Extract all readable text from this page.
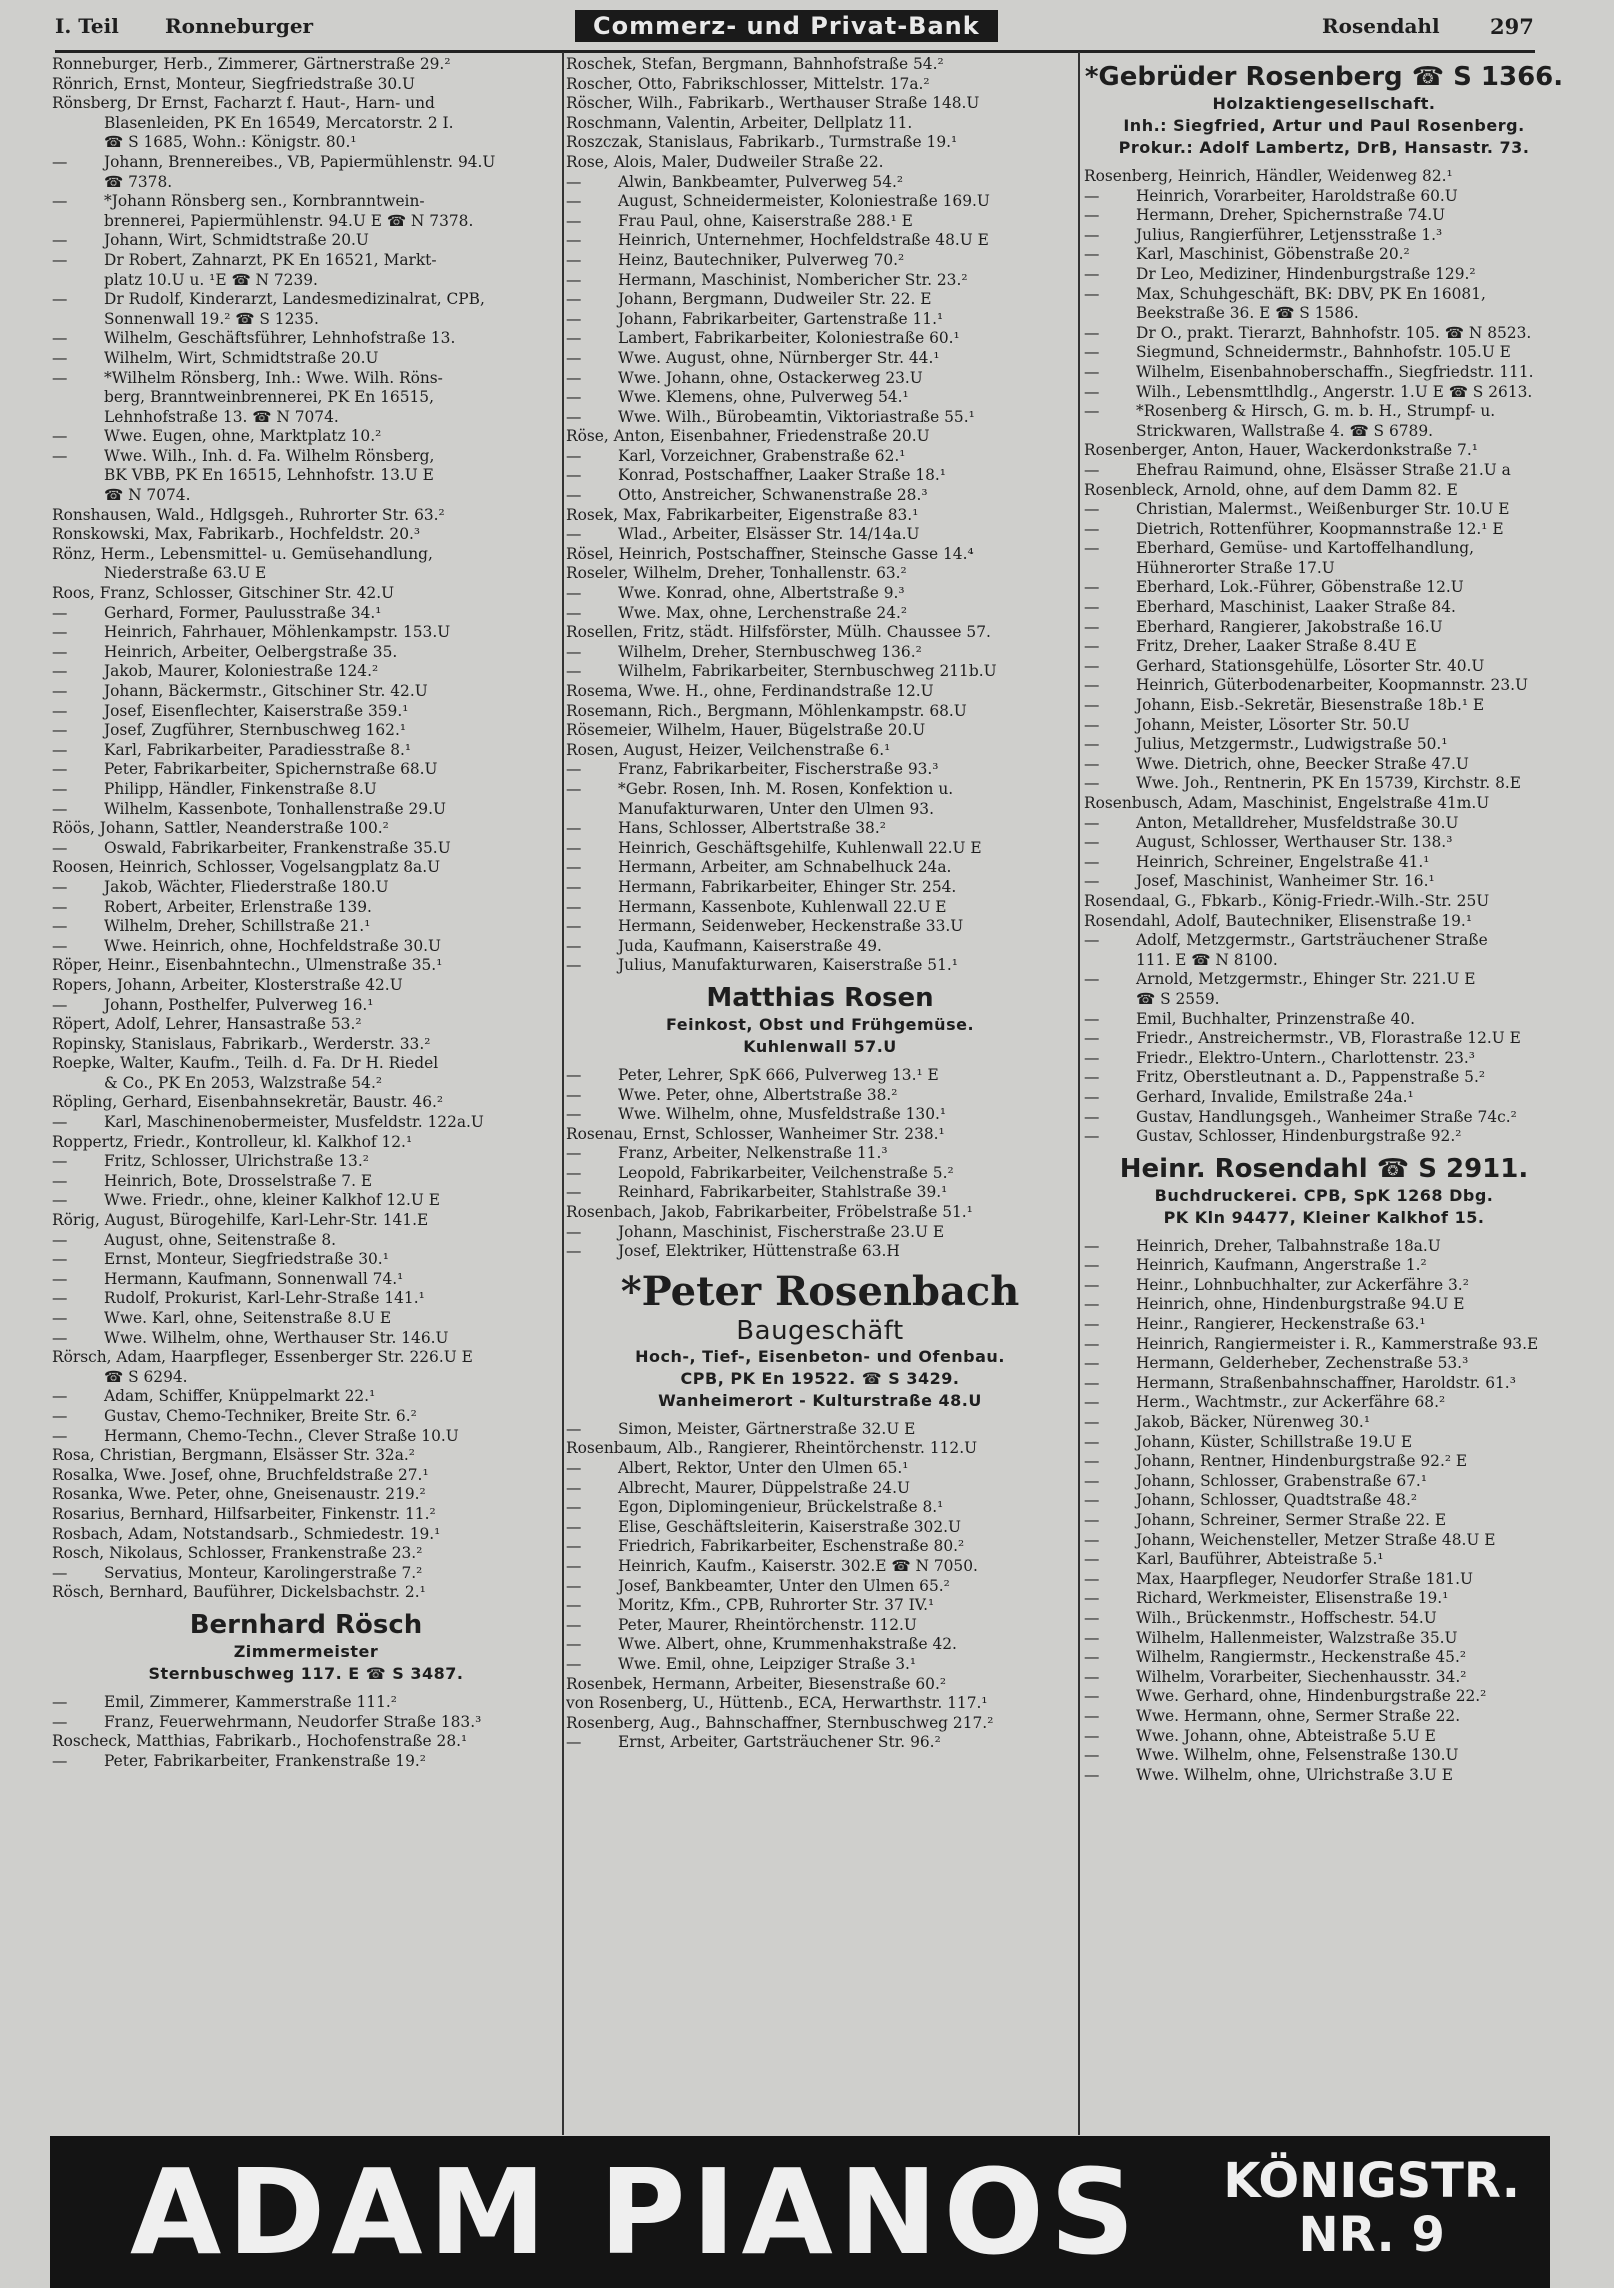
I. Teil Ronneburger	Commerz- und Privat-Bank	Rosendahl 297
Ronneburger, Herb., Zimmerer, Gärtnerstraße 29.²
Rönrich, Ernst, Monteur, Siegfriedstraße 30.U
Rönsberg, Dr Ernst, Facharzt f. Haut-, Harn- und
Blasenleiden, PK En 16549, Mercatorstr. 2 I.
☎ S 1685, Wohn.: Königstr. 80.¹
— Johann, Brennereibes., VB, Papiermühlenstr. 94.U
☎ 7378.
— *Johann Rönsberg sen., Kornbranntwein-
brennerei, Papiermühlenstr. 94.U E ☎ N 7378.
— Johann, Wirt, Schmidtstraße 20.U
— Dr Robert, Zahnarzt, PK En 16521, Markt-
platz 10.U u. ¹E ☎ N 7239.
— Dr Rudolf, Kinderarzt, Landesmedizinalrat, CPB,
Sonnenwall 19.² ☎ S 1235.
— Wilhelm, Geschäftsführer, Lehnhofstraße 13.
— Wilhelm, Wirt, Schmidtstraße 20.U
— *Wilhelm Rönsberg, Inh.: Wwe. Wilh. Röns-
berg, Branntweinbrennerei, PK En 16515,
Lehnhofstraße 13. ☎ N 7074.
— Wwe. Eugen, ohne, Marktplatz 10.²
— Wwe. Wilh., Inh. d. Fa. Wilhelm Rönsberg,
BK VBB, PK En 16515, Lehnhofstr. 13.U E
☎ N 7074.
Ronshausen, Wald., Hdlgsgeh., Ruhrorter Str. 63.²
Ronskowski, Max, Fabrikarb., Hochfeldstr. 20.³
Rönz, Herm., Lebensmittel- u. Gemüsehandlung,
Niederstraße 63.U E
Roos, Franz, Schlosser, Gitschiner Str. 42.U
— Gerhard, Former, Paulusstraße 34.¹
— Heinrich, Fahrhauer, Möhlenkampstr. 153.U
— Heinrich, Arbeiter, Oelbergstraße 35.
— Jakob, Maurer, Koloniestraße 124.²
— Johann, Bäckermstr., Gitschiner Str. 42.U
— Josef, Eisenflechter, Kaiserstraße 359.¹
— Josef, Zugführer, Sternbuschweg 162.¹
— Karl, Fabrikarbeiter, Paradiesstraße 8.¹
— Peter, Fabrikarbeiter, Spichernstraße 68.U
— Philipp, Händler, Finkenstraße 8.U
— Wilhelm, Kassenbote, Tonhallenstraße 29.U
Röös, Johann, Sattler, Neanderstraße 100.²
— Oswald, Fabrikarbeiter, Frankenstraße 35.U
Roosen, Heinrich, Schlosser, Vogelsangplatz 8a.U
— Jakob, Wächter, Fliederstraße 180.U
— Robert, Arbeiter, Erlenstraße 139.
— Wilhelm, Dreher, Schillstraße 21.¹
— Wwe. Heinrich, ohne, Hochfeldstraße 30.U
Röper, Heinr., Eisenbahntechn., Ulmenstraße 35.¹
Ropers, Johann, Arbeiter, Klosterstraße 42.U
— Johann, Posthelfer, Pulverweg 16.¹
Röpert, Adolf, Lehrer, Hansastraße 53.²
Ropinsky, Stanislaus, Fabrikarb., Werderstr. 33.²
Roepke, Walter, Kaufm., Teilh. d. Fa. Dr H. Riedel
& Co., PK En 2053, Walzstraße 54.²
Röpling, Gerhard, Eisenbahnsekretär, Baustr. 46.²
— Karl, Maschinenobermeister, Musfeldstr. 122a.U
Roppertz, Friedr., Kontrolleur, kl. Kalkhof 12.¹
— Fritz, Schlosser, Ulrichstraße 13.²
— Heinrich, Bote, Drosselstraße 7. E
— Wwe. Friedr., ohne, kleiner Kalkhof 12.U E
Rörig, August, Bürogehilfe, Karl-Lehr-Str. 141.E
— August, ohne, Seitenstraße 8.
— Ernst, Monteur, Siegfriedstraße 30.¹
— Hermann, Kaufmann, Sonnenwall 74.¹
— Rudolf, Prokurist, Karl-Lehr-Straße 141.¹
— Wwe. Karl, ohne, Seitenstraße 8.U E
— Wwe. Wilhelm, ohne, Werthauser Str. 146.U
Rörsch, Adam, Haarpfleger, Essenberger Str. 226.U E
☎ S 6294.
— Adam, Schiffer, Knüppelmarkt 22.¹
— Gustav, Chemo-Techniker, Breite Str. 6.²
— Hermann, Chemo-Techn., Clever Straße 10.U
Rosa, Christian, Bergmann, Elsässer Str. 32a.²
Rosalka, Wwe. Josef, ohne, Bruchfeldstraße 27.¹
Rosanka, Wwe. Peter, ohne, Gneisenaustr. 219.²
Rosarius, Bernhard, Hilfsarbeiter, Finkenstr. 11.²
Rosbach, Adam, Notstandsarb., Schmiedestr. 19.¹
Rosch, Nikolaus, Schlosser, Frankenstraße 23.²
— Servatius, Monteur, Karolingerstraße 7.²
Rösch, Bernhard, Bauführer, Dickelsbachstr. 2.¹
Bernhard Rösch
Zimmermeister
Sternbuschweg 117. E ☎ S 3487.
— Emil, Zimmerer, Kammerstraße 111.²
— Franz, Feuerwehrmann, Neudorfer Straße 183.³
Roscheck, Matthias, Fabrikarb., Hochofenstraße 28.¹
— Peter, Fabrikarbeiter, Frankenstraße 19.²
Roschek, Stefan, Bergmann, Bahnhofstraße 54.²
Roscher, Otto, Fabrikschlosser, Mittelstr. 17a.²
Röscher, Wilh., Fabrikarb., Werthauser Straße 148.U
Roschmann, Valentin, Arbeiter, Dellplatz 11.
Roszczak, Stanislaus, Fabrikarb., Turmstraße 19.¹
Rose, Alois, Maler, Dudweiler Straße 22.
— Alwin, Bankbeamter, Pulverweg 54.²
— August, Schneidermeister, Koloniestraße 169.U
— Frau Paul, ohne, Kaiserstraße 288.¹ E
— Heinrich, Unternehmer, Hochfeldstraße 48.U E
— Heinz, Bautechniker, Pulverweg 70.²
— Hermann, Maschinist, Nombericher Str. 23.²
— Johann, Bergmann, Dudweiler Str. 22. E
— Johann, Fabrikarbeiter, Gartenstraße 11.¹
— Lambert, Fabrikarbeiter, Koloniestraße 60.¹
— Wwe. August, ohne, Nürnberger Str. 44.¹
— Wwe. Johann, ohne, Ostackerweg 23.U
— Wwe. Klemens, ohne, Pulverweg 54.¹
— Wwe. Wilh., Bürobeamtin, Viktoriastraße 55.¹
Röse, Anton, Eisenbahner, Friedenstraße 20.U
— Karl, Vorzeichner, Grabenstraße 62.¹
— Konrad, Postschaffner, Laaker Straße 18.¹
— Otto, Anstreicher, Schwanenstraße 28.³
Rosek, Max, Fabrikarbeiter, Eigenstraße 83.¹
— Wlad., Arbeiter, Elsässer Str. 14/14a.U
Rösel, Heinrich, Postschaffner, Steinsche Gasse 14.⁴
Roseler, Wilhelm, Dreher, Tonhallenstr. 63.²
— Wwe. Konrad, ohne, Albertstraße 9.³
— Wwe. Max, ohne, Lerchenstraße 24.²
Rosellen, Fritz, städt. Hilfsförster, Mülh. Chaussee 57.
— Wilhelm, Dreher, Sternbuschweg 136.²
— Wilhelm, Fabrikarbeiter, Sternbuschweg 211b.U
Rosema, Wwe. H., ohne, Ferdinandstraße 12.U
Rosemann, Rich., Bergmann, Möhlenkampstr. 68.U
Rösemeier, Wilhelm, Hauer, Bügelstraße 20.U
Rosen, August, Heizer, Veilchenstraße 6.¹
— Franz, Fabrikarbeiter, Fischerstraße 93.³
— *Gebr. Rosen, Inh. M. Rosen, Konfektion u.
Manufakturwaren, Unter den Ulmen 93.
— Hans, Schlosser, Albertstraße 38.²
— Heinrich, Geschäftsgehilfe, Kuhlenwall 22.U E
— Hermann, Arbeiter, am Schnabelhuck 24a.
— Hermann, Fabrikarbeiter, Ehinger Str. 254.
— Hermann, Kassenbote, Kuhlenwall 22.U E
— Hermann, Seidenweber, Heckenstraße 33.U
— Juda, Kaufmann, Kaiserstraße 49.
— Julius, Manufakturwaren, Kaiserstraße 51.¹
Matthias Rosen
Feinkost, Obst und Frühgemüse.
Kuhlenwall 57.U
— Peter, Lehrer, SpK 666, Pulverweg 13.¹ E
— Wwe. Peter, ohne, Albertstraße 38.²
— Wwe. Wilhelm, ohne, Musfeldstraße 130.¹
Rosenau, Ernst, Schlosser, Wanheimer Str. 238.¹
— Franz, Arbeiter, Nelkenstraße 11.³
— Leopold, Fabrikarbeiter, Veilchenstraße 5.²
— Reinhard, Fabrikarbeiter, Stahlstraße 39.¹
Rosenbach, Jakob, Fabrikarbeiter, Fröbelstraße 51.¹
— Johann, Maschinist, Fischerstraße 23.U E
— Josef, Elektriker, Hüttenstraße 63.H
*Peter Rosenbach
Baugeschäft
Hoch-, Tief-, Eisenbeton- und Ofenbau.
CPB, PK En 19522. ☎ S 3429.
Wanheimerort - Kulturstraße 48.U
— Simon, Meister, Gärtnerstraße 32.U E
Rosenbaum, Alb., Rangierer, Rheintörchenstr. 112.U
— Albert, Rektor, Unter den Ulmen 65.¹
— Albrecht, Maurer, Düppelstraße 24.U
— Egon, Diplomingenieur, Brückelstraße 8.¹
— Elise, Geschäftsleiterin, Kaiserstraße 302.U
— Friedrich, Fabrikarbeiter, Eschenstraße 80.²
— Heinrich, Kaufm., Kaiserstr. 302.E ☎ N 7050.
— Josef, Bankbeamter, Unter den Ulmen 65.²
— Moritz, Kfm., CPB, Ruhrorter Str. 37 IV.¹
— Peter, Maurer, Rheintörchenstr. 112.U
— Wwe. Albert, ohne, Krummenhakstraße 42.
— Wwe. Emil, ohne, Leipziger Straße 3.¹
Rosenbek, Hermann, Arbeiter, Biesenstraße 60.²
von Rosenberg, U., Hüttenb., ECA, Herwarthstr. 117.¹
Rosenberg, Aug., Bahnschaffner, Sternbuschweg 217.²
— Ernst, Arbeiter, Gartsträuchener Str. 96.²
*Gebrüder Rosenberg ☎ S 1366.
Holzaktiengesellschaft.
Inh.: Siegfried, Artur und Paul Rosenberg.
Prokur.: Adolf Lambertz, DrB, Hansastr. 73.
Rosenberg, Heinrich, Händler, Weidenweg 82.¹
— Heinrich, Vorarbeiter, Haroldstraße 60.U
— Hermann, Dreher, Spichernstraße 74.U
— Julius, Rangierführer, Letjensstraße 1.³
— Karl, Maschinist, Göbenstraße 20.²
— Dr Leo, Mediziner, Hindenburgstraße 129.²
— Max, Schuhgeschäft, BK: DBV, PK En 16081,
Beekstraße 36. E ☎ S 1586.
— Dr O., prakt. Tierarzt, Bahnhofstr. 105. ☎ N 8523.
— Siegmund, Schneidermstr., Bahnhofstr. 105.U E
— Wilhelm, Eisenbahnoberschaffn., Siegfriedstr. 111.
— Wilh., Lebensmttlhdlg., Angerstr. 1.U E ☎ S 2613.
— *Rosenberg & Hirsch, G. m. b. H., Strumpf- u.
Strickwaren, Wallstraße 4. ☎ S 6789.
Rosenberger, Anton, Hauer, Wackerdonkstraße 7.¹
— Ehefrau Raimund, ohne, Elsässer Straße 21.U a
Rosenbleck, Arnold, ohne, auf dem Damm 82. E
— Christian, Malermst., Weißenburger Str. 10.U E
— Dietrich, Rottenführer, Koopmannstraße 12.¹ E
— Eberhard, Gemüse- und Kartoffelhandlung,
Hühnerorter Straße 17.U
— Eberhard, Lok.-Führer, Göbenstraße 12.U
— Eberhard, Maschinist, Laaker Straße 84.
— Eberhard, Rangierer, Jakobstraße 16.U
— Fritz, Dreher, Laaker Straße 8.4U E
— Gerhard, Stationsgehülfe, Lösorter Str. 40.U
— Heinrich, Güterbodenarbeiter, Koopmannstr. 23.U
— Johann, Eisb.-Sekretär, Biesenstraße 18b.¹ E
— Johann, Meister, Lösorter Str. 50.U
— Julius, Metzgermstr., Ludwigstraße 50.¹
— Wwe. Dietrich, ohne, Beecker Straße 47.U
— Wwe. Joh., Rentnerin, PK En 15739, Kirchstr. 8.E
Rosenbusch, Adam, Maschinist, Engelstraße 41m.U
— Anton, Metalldreher, Musfeldstraße 30.U
— August, Schlosser, Werthauser Str. 138.³
— Heinrich, Schreiner, Engelstraße 41.¹
— Josef, Maschinist, Wanheimer Str. 16.¹
Rosendaal, G., Fbkarb., König-Friedr.-Wilh.-Str. 25U
Rosendahl, Adolf, Bautechniker, Elisenstraße 19.¹
— Adolf, Metzgermstr., Gartsträuchener Straße
111. E ☎ N 8100.
— Arnold, Metzgermstr., Ehinger Str. 221.U E
☎ S 2559.
— Emil, Buchhalter, Prinzenstraße 40.
— Friedr., Anstreichermstr., VB, Florastraße 12.U E
— Friedr., Elektro-Untern., Charlottenstr. 23.³
— Fritz, Oberstleutnant a. D., Pappenstraße 5.²
— Gerhard, Invalide, Emilstraße 24a.¹
— Gustav, Handlungsgeh., Wanheimer Straße 74c.²
— Gustav, Schlosser, Hindenburgstraße 92.²
Heinr. Rosendahl ☎ S 2911.
Buchdruckerei. CPB, SpK 1268 Dbg.
PK Kln 94477, Kleiner Kalkhof 15.
— Heinrich, Dreher, Talbahnstraße 18a.U
— Heinrich, Kaufmann, Angerstraße 1.²
— Heinr., Lohnbuchhalter, zur Ackerfähre 3.²
— Heinrich, ohne, Hindenburgstraße 94.U E
— Heinr., Rangierer, Heckenstraße 63.¹
— Heinrich, Rangiermeister i. R., Kammerstraße 93.E
— Hermann, Gelderheber, Zechenstraße 53.³
— Hermann, Straßenbahnschaffner, Haroldstr. 61.³
— Herm., Wachtmstr., zur Ackerfähre 68.²
— Jakob, Bäcker, Nürenweg 30.¹
— Johann, Küster, Schillstraße 19.U E
— Johann, Rentner, Hindenburgstraße 92.² E
— Johann, Schlosser, Grabenstraße 67.¹
— Johann, Schlosser, Quadtstraße 48.²
— Johann, Schreiner, Sermer Straße 22. E
— Johann, Weichensteller, Metzer Straße 48.U E
— Karl, Bauführer, Abteistraße 5.¹
— Max, Haarpfleger, Neudorfer Straße 181.U
— Richard, Werkmeister, Elisenstraße 19.¹
— Wilh., Brückenmstr., Hoffschestr. 54.U
— Wilhelm, Hallenmeister, Walzstraße 35.U
— Wilhelm, Rangiermstr., Heckenstraße 45.²
— Wilhelm, Vorarbeiter, Siechenhausstr. 34.²
— Wwe. Gerhard, ohne, Hindenburgstraße 22.²
— Wwe. Hermann, ohne, Sermer Straße 22.
— Wwe. Johann, ohne, Abteistraße 5.U E
— Wwe. Wilhelm, ohne, Felsenstraße 130.U
— Wwe. Wilhelm, ohne, Ulrichstraße 3.U E
ADAM PIANOS KÖNIGSTR.
NR. 9
